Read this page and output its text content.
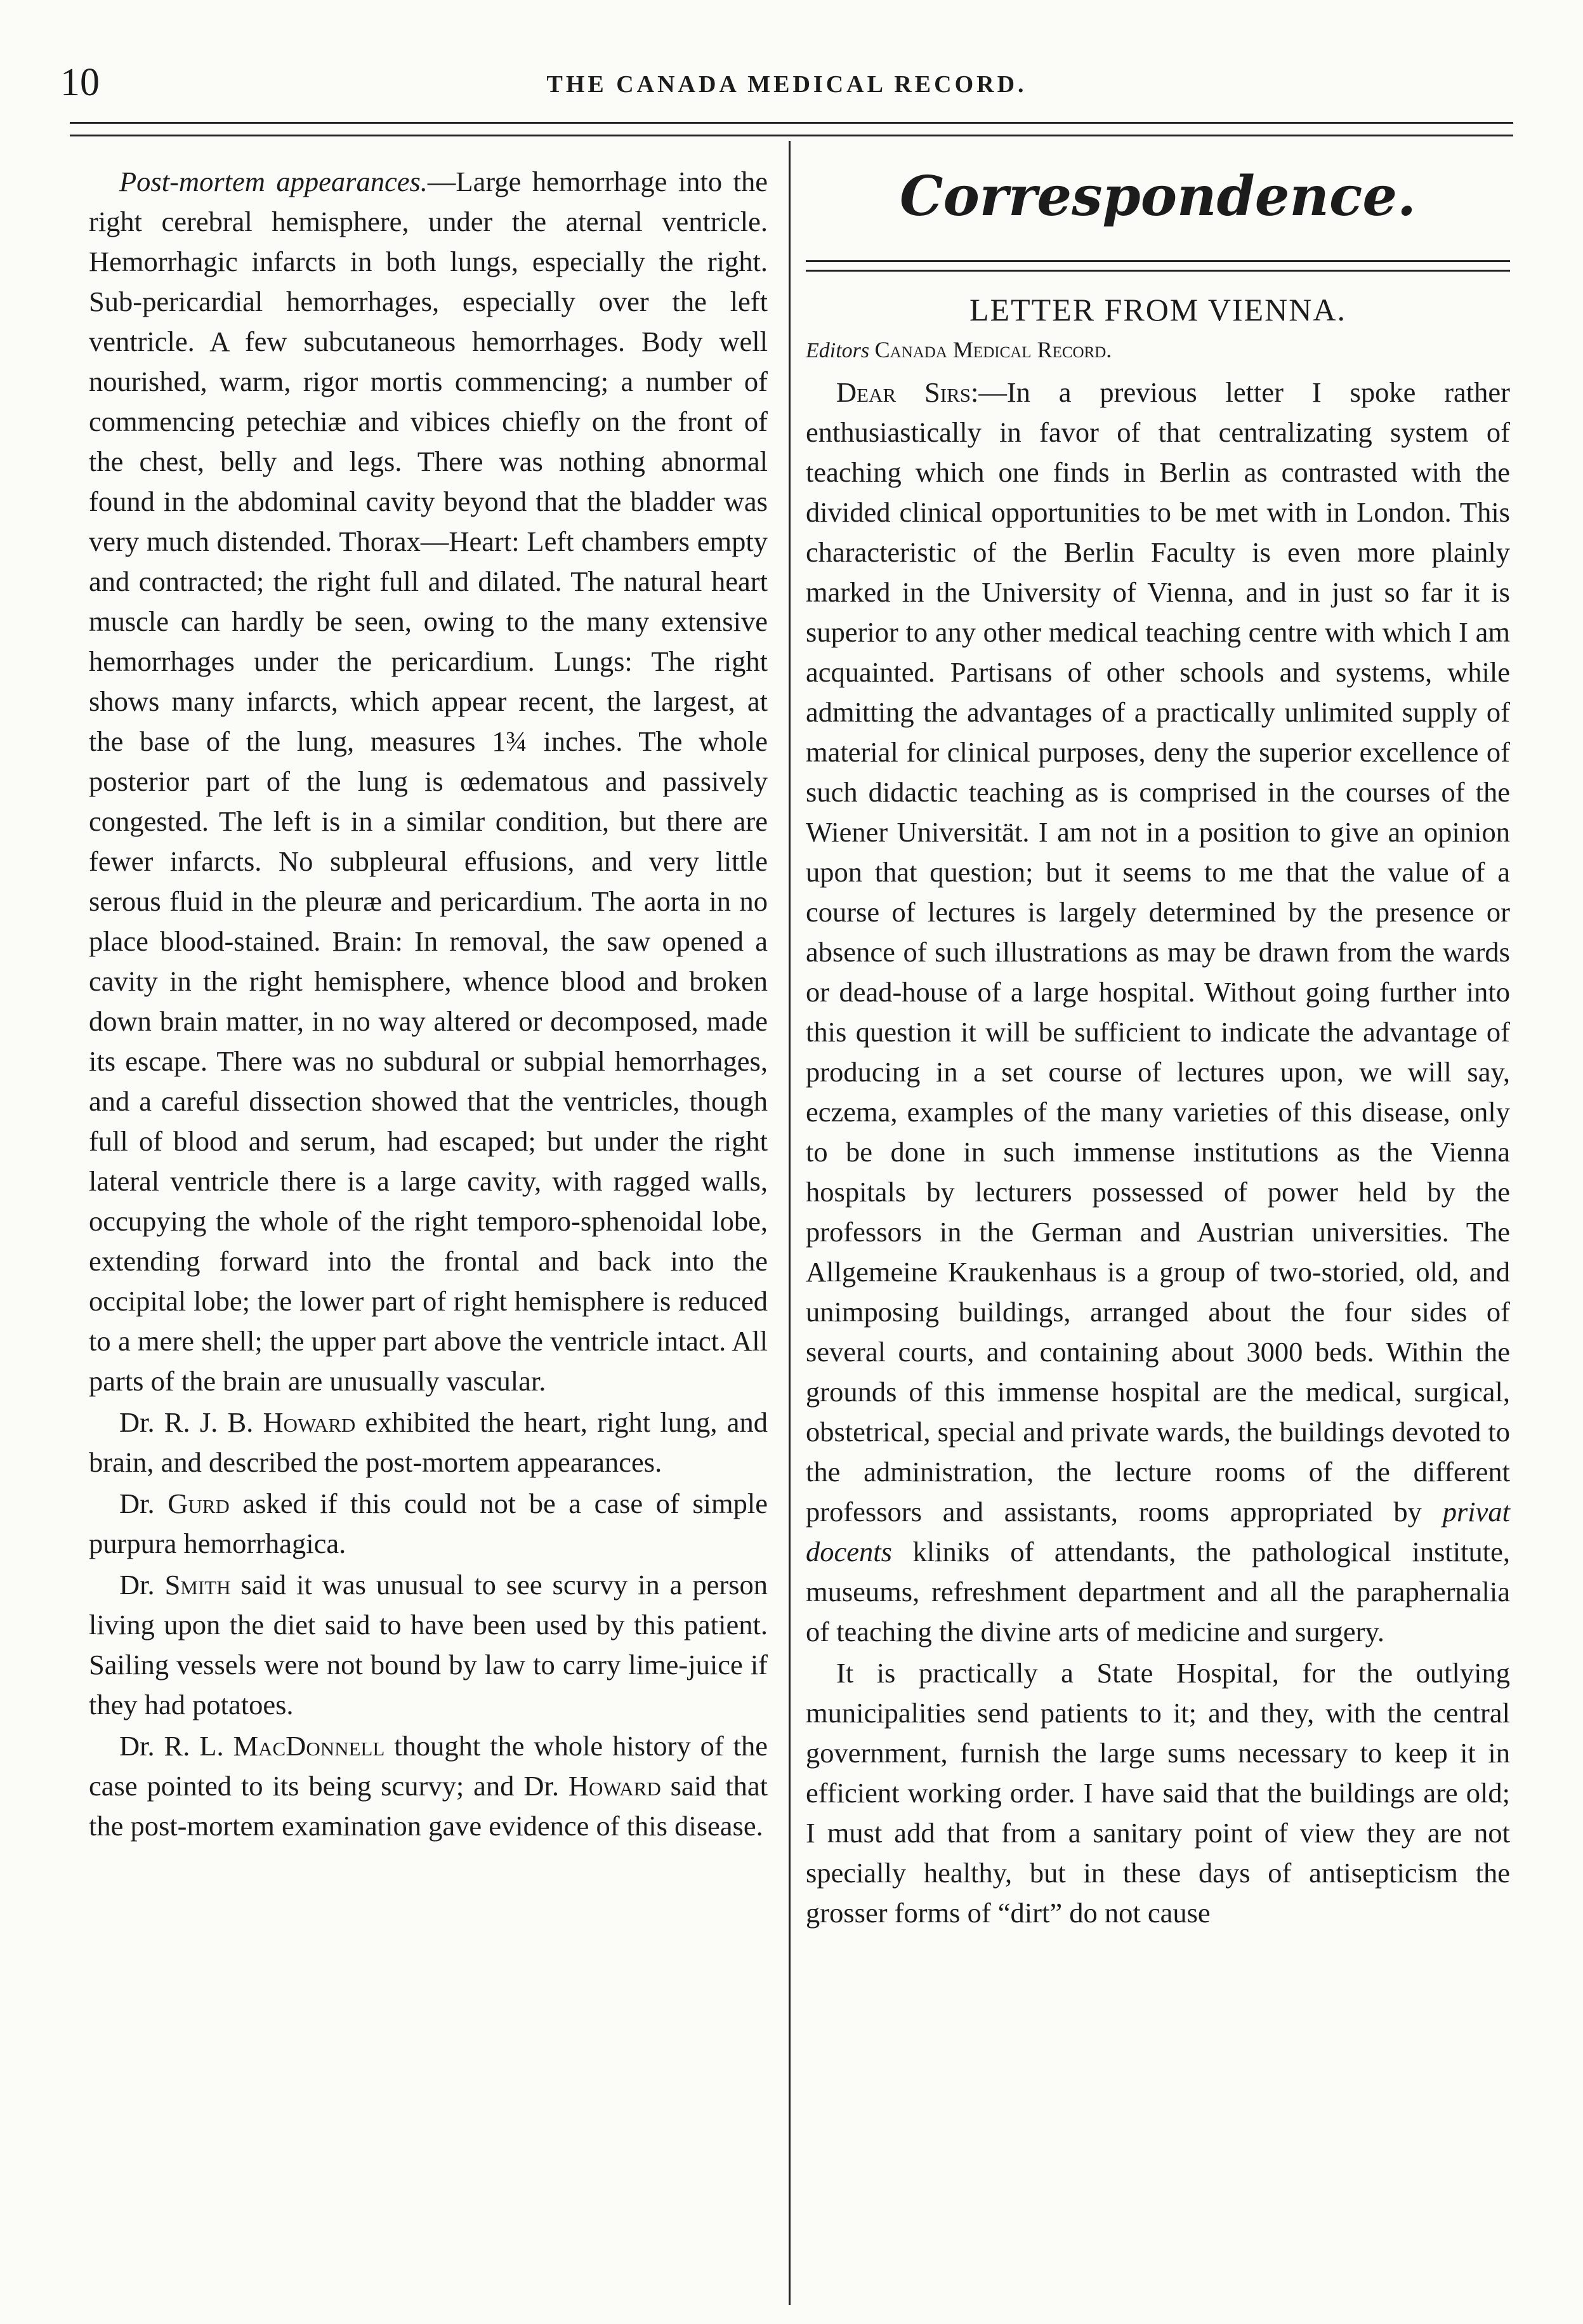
10	THE CANADA MEDICAL RECORD.

Post-mortem appearances.—Large hemorrhage into the right cerebral hemisphere, under the aternal ventricle. Hemorrhagic infarcts in both lungs, especially the right. Sub-pericardial hemorrhages, especially over the left ventricle. A few subcutaneous hemorrhages. Body well nourished, warm, rigor mortis commencing; a number of commencing petechiæ and vibices chiefly on the front of the chest, belly and legs. There was nothing abnormal found in the abdominal cavity beyond that the bladder was very much distended. Thorax—Heart: Left chambers empty and contracted; the right full and dilated. The natural heart muscle can hardly be seen, owing to the many extensive hemorrhages under the pericardium. Lungs: The right shows many infarcts, which appear recent, the largest, at the base of the lung, measures 1¾ inches. The whole posterior part of the lung is œdematous and passively congested. The left is in a similar condition, but there are fewer infarcts. No subpleural effusions, and very little serous fluid in the pleuræ and pericardium. The aorta in no place blood-stained. Brain: In removal, the saw opened a cavity in the right hemisphere, whence blood and broken down brain matter, in no way altered or decomposed, made its escape. There was no subdural or subpial hemorrhages, and a careful dissection showed that the ventricles, though full of blood and serum, had escaped; but under the right lateral ventricle there is a large cavity, with ragged walls, occupying the whole of the right temporo-sphenoidal lobe, extending forward into the frontal and back into the occipital lobe; the lower part of right hemisphere is reduced to a mere shell; the upper part above the ventricle intact. All parts of the brain are unusually vascular.

Dr. R. J. B. Howard exhibited the heart, right lung, and brain, and described the post-mortem appearances.

Dr. Gurd asked if this could not be a case of simple purpura hemorrhagica.

Dr. Smith said it was unusual to see scurvy in a person living upon the diet said to have been used by this patient. Sailing vessels were not bound by law to carry lime-juice if they had potatoes.

Dr. R. L. MacDonnell thought the whole history of the case pointed to its being scurvy; and Dr. Howard said that the post-mortem examination gave evidence of this disease.

Correspondence.
LETTER FROM VIENNA.
Editors Canada Medical Record.

Dear Sirs:—In a previous letter I spoke rather enthusiastically in favor of that centralizating system of teaching which one finds in Berlin as contrasted with the divided clinical opportunities to be met with in London. This characteristic of the Berlin Faculty is even more plainly marked in the University of Vienna, and in just so far it is superior to any other medical teaching centre with which I am acquainted. Partisans of other schools and systems, while admitting the advantages of a practically unlimited supply of material for clinical purposes, deny the superior excellence of such didactic teaching as is comprised in the courses of the Wiener Universität. I am not in a position to give an opinion upon that question; but it seems to me that the value of a course of lectures is largely determined by the presence or absence of such illustrations as may be drawn from the wards or dead-house of a large hospital. Without going further into this question it will be sufficient to indicate the advantage of producing in a set course of lectures upon, we will say, eczema, examples of the many varieties of this disease, only to be done in such immense institutions as the Vienna hospitals by lecturers possessed of power held by the professors in the German and Austrian universities. The Allgemeine Kraukenhaus is a group of two-storied, old, and unimposing buildings, arranged about the four sides of several courts, and containing about 3000 beds. Within the grounds of this immense hospital are the medical, surgical, obstetrical, special and private wards, the buildings devoted to the administration, the lecture rooms of the different professors and assistants, rooms appropriated by privat docents kliniks of attendants, the pathological institute, museums, refreshment department and all the paraphernalia of teaching the divine arts of medicine and surgery.

It is practically a State Hospital, for the outlying municipalities send patients to it; and they, with the central government, furnish the large sums necessary to keep it in efficient working order. I have said that the buildings are old; I must add that from a sanitary point of view they are not specially healthy, but in these days of antisepticism the grosser forms of “dirt” do not cause
